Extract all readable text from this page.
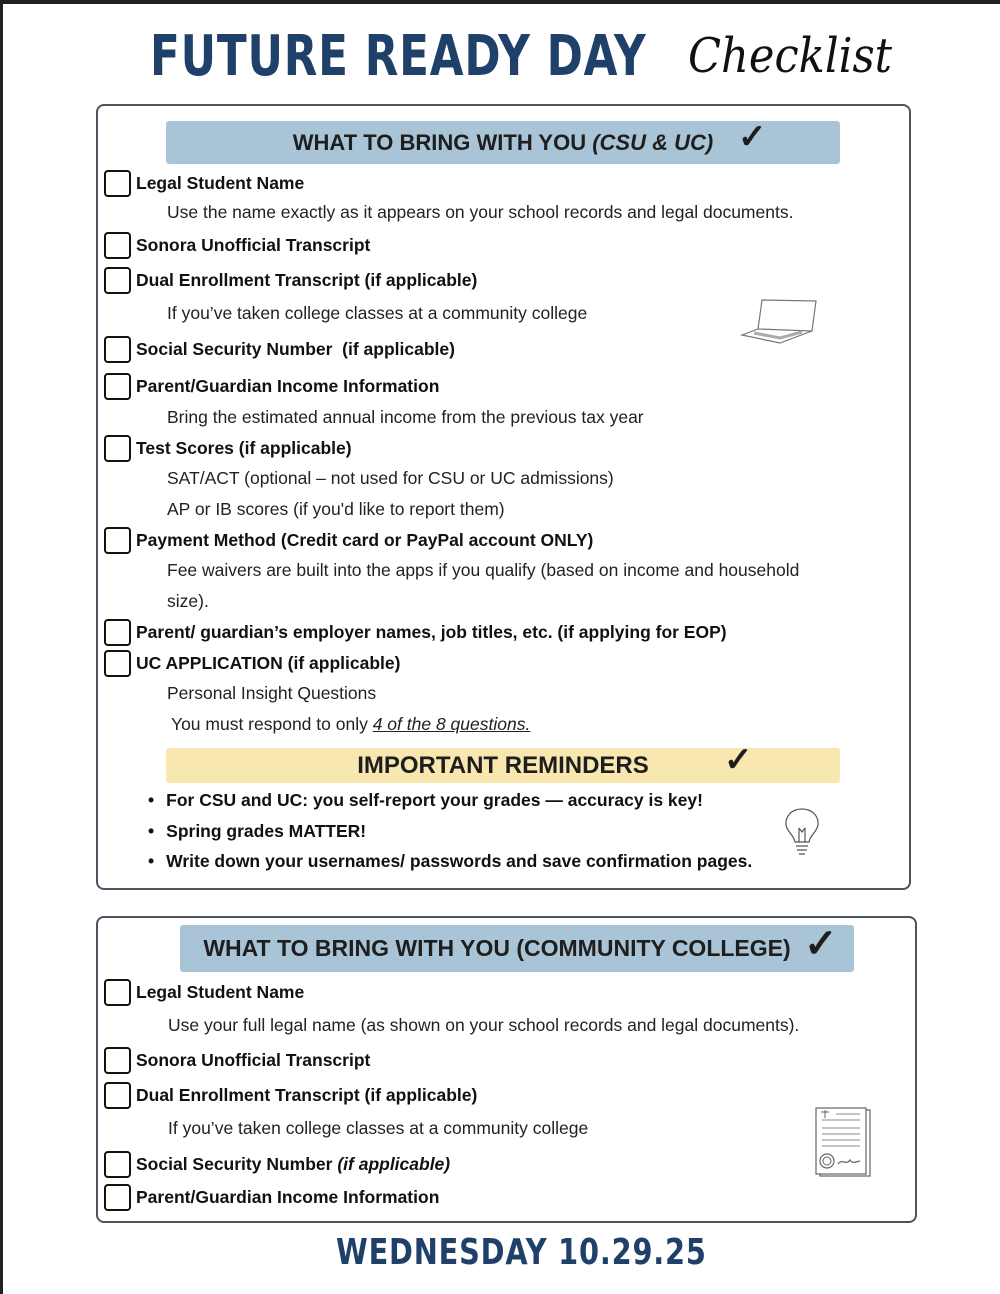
FUTURE READY DAY Checklist
WHAT TO BRING WITH YOU (CSU & UC) ✓
Legal Student Name
Use the name exactly as it appears on your school records and legal documents.
Sonora Unofficial Transcript
Dual Enrollment Transcript (if applicable)
If you’ve taken college classes at a community college
Social Security Number  (if applicable)
Parent/Guardian Income Information
Bring the estimated annual income from the previous tax year
Test Scores (if applicable)
SAT/ACT (optional – not used for CSU or UC admissions)
AP or IB scores (if you'd like to report them)
Payment Method (Credit card or PayPal account ONLY)
Fee waivers are built into the apps if you qualify (based on income and household
size).
Parent/ guardian’s employer names, job titles, etc. (if applying for EOP)
UC APPLICATION (if applicable)
Personal Insight Questions
You must respond to only 4 of the 8 questions.
IMPORTANT REMINDERS ✓
• For CSU and UC: you self-report your grades — accuracy is key!
• Spring grades MATTER!
• Write down your usernames/ passwords and save confirmation pages.
WHAT TO BRING WITH YOU (COMMUNITY COLLEGE) ✓
Legal Student Name
Use your full legal name (as shown on your school records and legal documents).
Sonora Unofficial Transcript
Dual Enrollment Transcript (if applicable)
If you’ve taken college classes at a community college
Social Security Number (if applicable)
Parent/Guardian Income Information
WEDNESDAY 10.29.25
